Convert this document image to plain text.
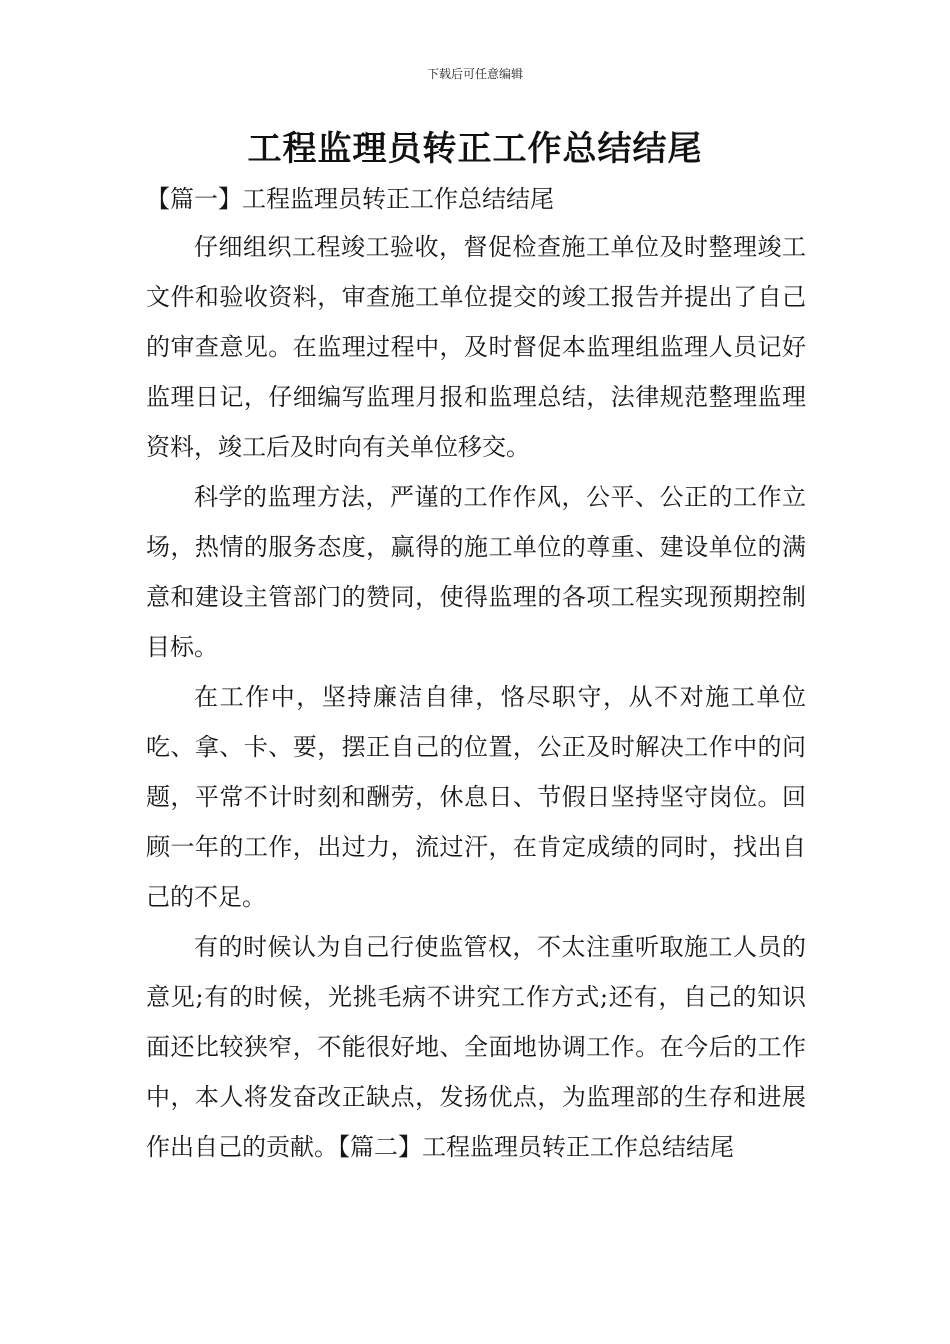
下载后可任意编辑
工程监理员转正工作总结结尾

【篇一】工程监理员转正工作总结结尾

仔细组织工程竣工验收，督促检查施工单位及时整理竣工文件和验收资料，审查施工单位提交的竣工报告并提出了自己的审查意见。在监理过程中，及时督促本监理组监理人员记好监理日记，仔细编写监理月报和监理总结，法律规范整理监理资料，竣工后及时向有关单位移交。

科学的监理方法，严谨的工作作风，公平、公正的工作立场，热情的服务态度，赢得的施工单位的尊重、建设单位的满意和建设主管部门的赞同，使得监理的各项工程实现预期控制目标。

在工作中，坚持廉洁自律，恪尽职守，从不对施工单位吃、拿、卡、要，摆正自己的位置，公正及时解决工作中的问题，平常不计时刻和酬劳，休息日、节假日坚持坚守岗位。回顾一年的工作，出过力，流过汗，在肯定成绩的同时，找出自己的不足。

有的时候认为自己行使监管权，不太注重听取施工人员的意见;有的时候，光挑毛病不讲究工作方式;还有，自己的知识面还比较狭窄，不能很好地、全面地协调工作。在今后的工作中，本人将发奋改正缺点，发扬优点，为监理部的生存和进展作出自己的贡献。【篇二】工程监理员转正工作总结结尾
